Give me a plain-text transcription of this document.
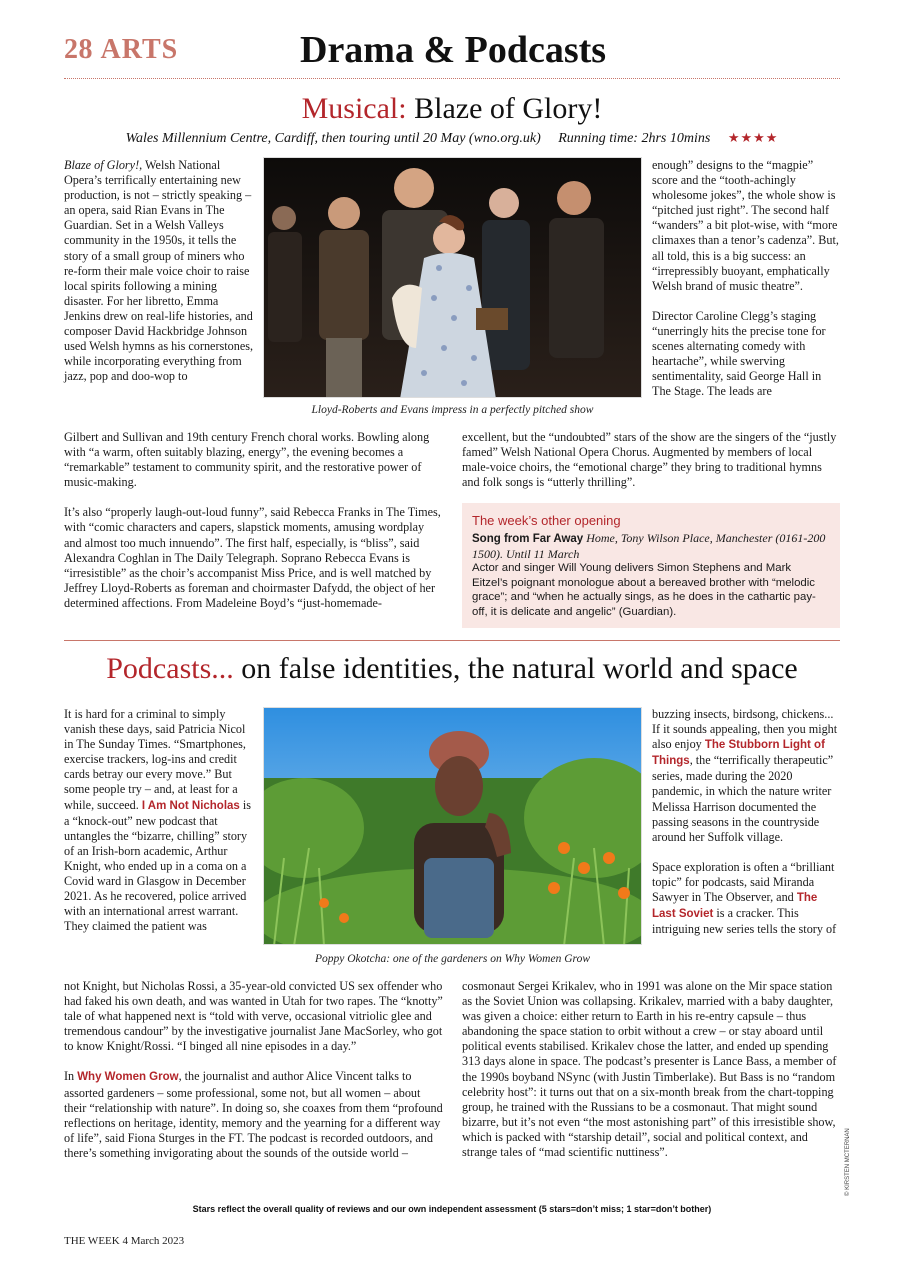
28 ARTS	Drama & Podcasts
Musical: Blaze of Glory!
Wales Millennium Centre, Cardiff, then touring until 20 May (wno.org.uk) Running time: 2hrs 10mins ★★★★
Blaze of Glory!, Welsh National Opera’s terrifically entertaining new production, is not – strictly speaking – an opera, said Rian Evans in The Guardian. Set in a Welsh Valleys community in the 1950s, it tells the story of a small group of miners who re-form their male voice choir to raise local spirits following a mining disaster. For her libretto, Emma Jenkins drew on real-life histories, and composer David Hackbridge Johnson used Welsh hymns as his cornerstones, while incorporating everything from jazz, pop and doo-wop to
Lloyd-Roberts and Evans impress in a perfectly pitched show

Gilbert and Sullivan and 19th century French choral works. Bowling along with “a warm, often suitably blazing, energy”, the evening becomes a “remarkable” testament to community spirit, and the restorative power of music-making.

It’s also “properly laugh-out-loud funny”, said Rebecca Franks in The Times, with “comic characters and capers, slapstick moments, amusing wordplay and almost too much innuendo”. The first half, especially, is “bliss”, said Alexandra Coghlan in The Daily Telegraph. Soprano Rebecca Evans is “irresistible” as the choir’s accompanist Miss Price, and is well matched by Jeffrey Lloyd-Roberts as foreman and choirmaster Dafydd, the object of her determined affections. From Madeleine Boyd’s “just-homemade-

enough” designs to the “magpie” score and the “tooth-achingly wholesome jokes”, the whole show is “pitched just right”. The second half “wanders” a bit plot-wise, with “more climaxes than a tenor’s cadenza”. But, all told, this is a big success: an “irrepressibly buoyant, emphatically Welsh brand of music theatre”.

Director Caroline Clegg’s staging “unerringly hits the precise tone for scenes alternating comedy with heartache”, while swerving sentimentality, said George Hall in The Stage. The leads are

excellent, but the “undoubted” stars of the show are the singers of the “justly famed” Welsh National Opera Chorus. Augmented by members of local male-voice choirs, the “emotional charge” they bring to traditional hymns and folk songs is “utterly thrilling”.
The week’s other opening
Song from Far Away Home, Tony Wilson Place, Manchester (0161-200 1500). Until 11 March
Actor and singer Will Young delivers Simon Stephens and Mark Eitzel’s poignant monologue about a bereaved brother with “melodic grace”; and “when he actually sings, as he does in the cathartic pay-off, it is delicate and angelic” (Guardian).
Podcasts... on false identities, the natural world and space
It is hard for a criminal to simply vanish these days, said Patricia Nicol in The Sunday Times. “Smartphones, exercise trackers, log-ins and credit cards betray our every move.” But some people try – and, at least for a while, succeed. I Am Not Nicholas is a “knock-out” new podcast that untangles the “bizarre, chilling” story of an Irish-born academic, Arthur Knight, who ended up in a coma on a Covid ward in Glasgow in December 2021. As he recovered, police arrived with an international arrest warrant. They claimed the patient was
Poppy Okotcha: one of the gardeners on Why Women Grow

not Knight, but Nicholas Rossi, a 35-year-old convicted US sex offender who had faked his own death, and was wanted in Utah for two rapes. The “knotty” tale of what happened next is “told with verve, occasional vitriolic glee and tremendous candour” by the investigative journalist Jane MacSorley, who got to know Knight/Rossi. “I binged all nine episodes in a day.”

In Why Women Grow, the journalist and author Alice Vincent talks to assorted gardeners – some professional, some not, but all women – about their “relationship with nature”. In doing so, she coaxes from them “profound reflections on heritage, identity, memory and the yearning for a different way of life”, said Fiona Sturges in the FT. The podcast is recorded outdoors, and there’s something invigorating about the sounds of the outside world –

buzzing insects, birdsong, chickens... If it sounds appealing, then you might also enjoy The Stubborn Light of Things, the “terrifically therapeutic” series, made during the 2020 pandemic, in which the nature writer Melissa Harrison documented the passing seasons in the countryside around her Suffolk village.

Space exploration is often a “brilliant topic” for podcasts, said Miranda Sawyer in The Observer, and The Last Soviet is a cracker. This intriguing new series tells the story of

cosmonaut Sergei Krikalev, who in 1991 was alone on the Mir space station as the Soviet Union was collapsing. Krikalev, married with a baby daughter, was given a choice: either return to Earth in his re-entry capsule – thus abandoning the space station to orbit without a crew – or stay aboard until political events stabilised. Krikalev chose the latter, and ended up spending 313 days alone in space. The podcast’s presenter is Lance Bass, a member of the 1990s boyband NSync (with Justin Timberlake). But Bass is no “random celebrity host”: it turns out that on a six-month break from the chart-topping group, he trained with the Russians to be a cosmonaut. That might sound bizarre, but it’s not even “the most astonishing part” of this irresistible show, which is packed with “starship detail”, social and political context, and strange tales of “mad scientific nuttiness”.	© KIRSTEN MCTERNAN
Stars reflect the overall quality of reviews and our own independent assessment (5 stars=don’t miss; 1 star=don’t bother)
THE WEEK 4 March 2023
